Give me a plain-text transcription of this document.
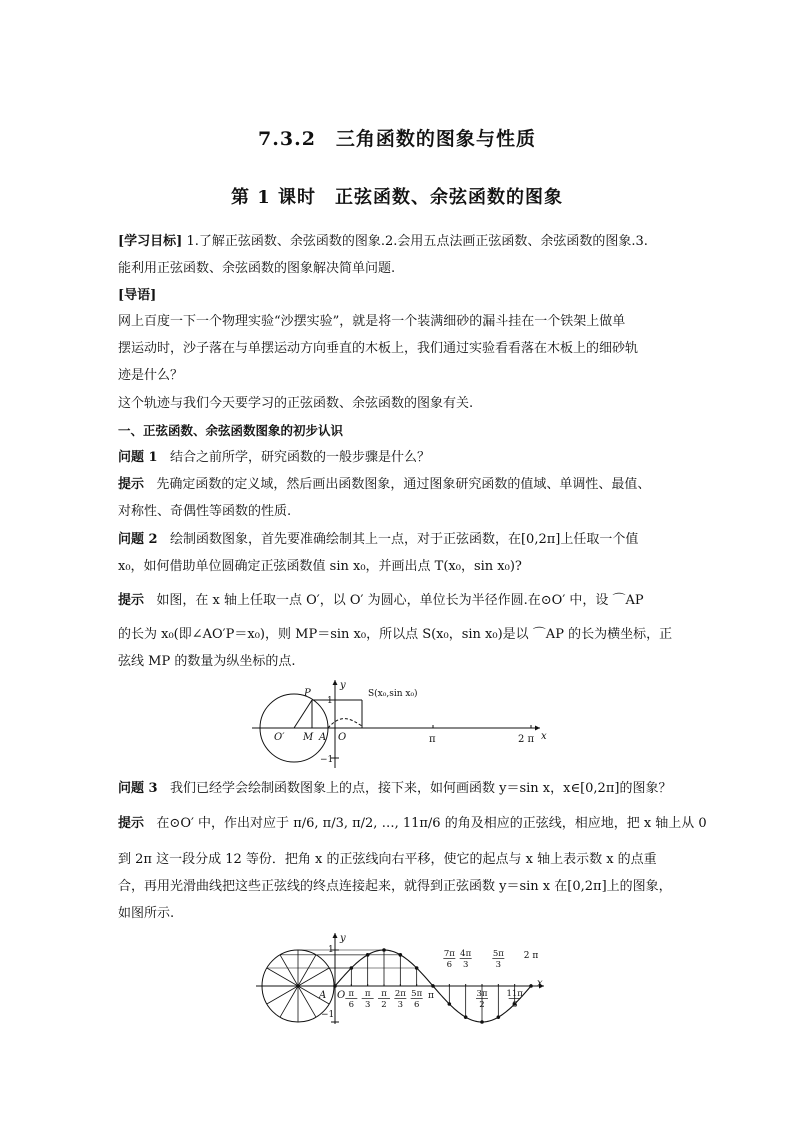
7.3.2　三角函数的图象与性质
第 1 课时　正弦函数、余弦函数的图象
[学习目标] 1.了解正弦函数、余弦函数的图象.2.会用五点法画正弦函数、余弦函数的图象.3.
能利用正弦函数、余弦函数的图象解决简单问题.
[导语]
网上百度一下一个物理实验“沙摆实验”，就是将一个装满细砂的漏斗挂在一个铁架上做单
摆运动时，沙子落在与单摆运动方向垂直的木板上，我们通过实验看看落在木板上的细砂轨
迹是什么？
这个轨迹与我们今天要学习的正弦函数、余弦函数的图象有关.
一、正弦函数、余弦函数图象的初步认识
问题 1 结合之前所学，研究函数的一般步骤是什么？
提示 先确定函数的定义域，然后画出函数图象，通过图象研究函数的值域、单调性、最值、
对称性、奇偶性等函数的性质.
问题 2 绘制函数图象，首先要准确绘制其上一点，对于正弦函数，在[0,2π]上任取一个值
x₀，如何借助单位圆确定正弦函数值 sin x₀，并画出点 T(x₀，sin x₀)?
提示 如图，在 x 轴上任取一点 O′，以 O′ 为圆心，单位长为半径作圆.在⊙O′ 中，设 ⌒AP
的长为 x₀(即∠AO′P＝x₀)，则 MP＝sin x₀，所以点 S(x₀，sin x₀)是以 ⌒AP 的长为横坐标，正
弦线 MP 的数量为纵坐标的点.
y
x
S(x₀,sin x₀)
P
O′ M A O
1
−1
π	2 π
问题 3 我们已经学会绘制函数图象上的点，接下来，如何画函数 y＝sin x，x∈[0,2π]的图象？
提示 在⊙O′ 中，作出对应于 π/6, π/3, π/2, …, 11π/6 的角及相应的正弦线，相应地，把 x 轴上从 0
到 2π 这一段分成 12 等份．把角 x 的正弦线向右平移，使它的起点与 x 轴上表示数 x 的点重
合，再用光滑曲线把这些正弦线的终点连接起来，就得到正弦函数 y＝sin x 在[0,2π]上的图象，
如图所示.
π
6
π
3
π
2
2π
3
5π
6
3π
2
11π
6
7π
6
4π
3
5π
3
2 π
y
x
A O
1
−1
π
